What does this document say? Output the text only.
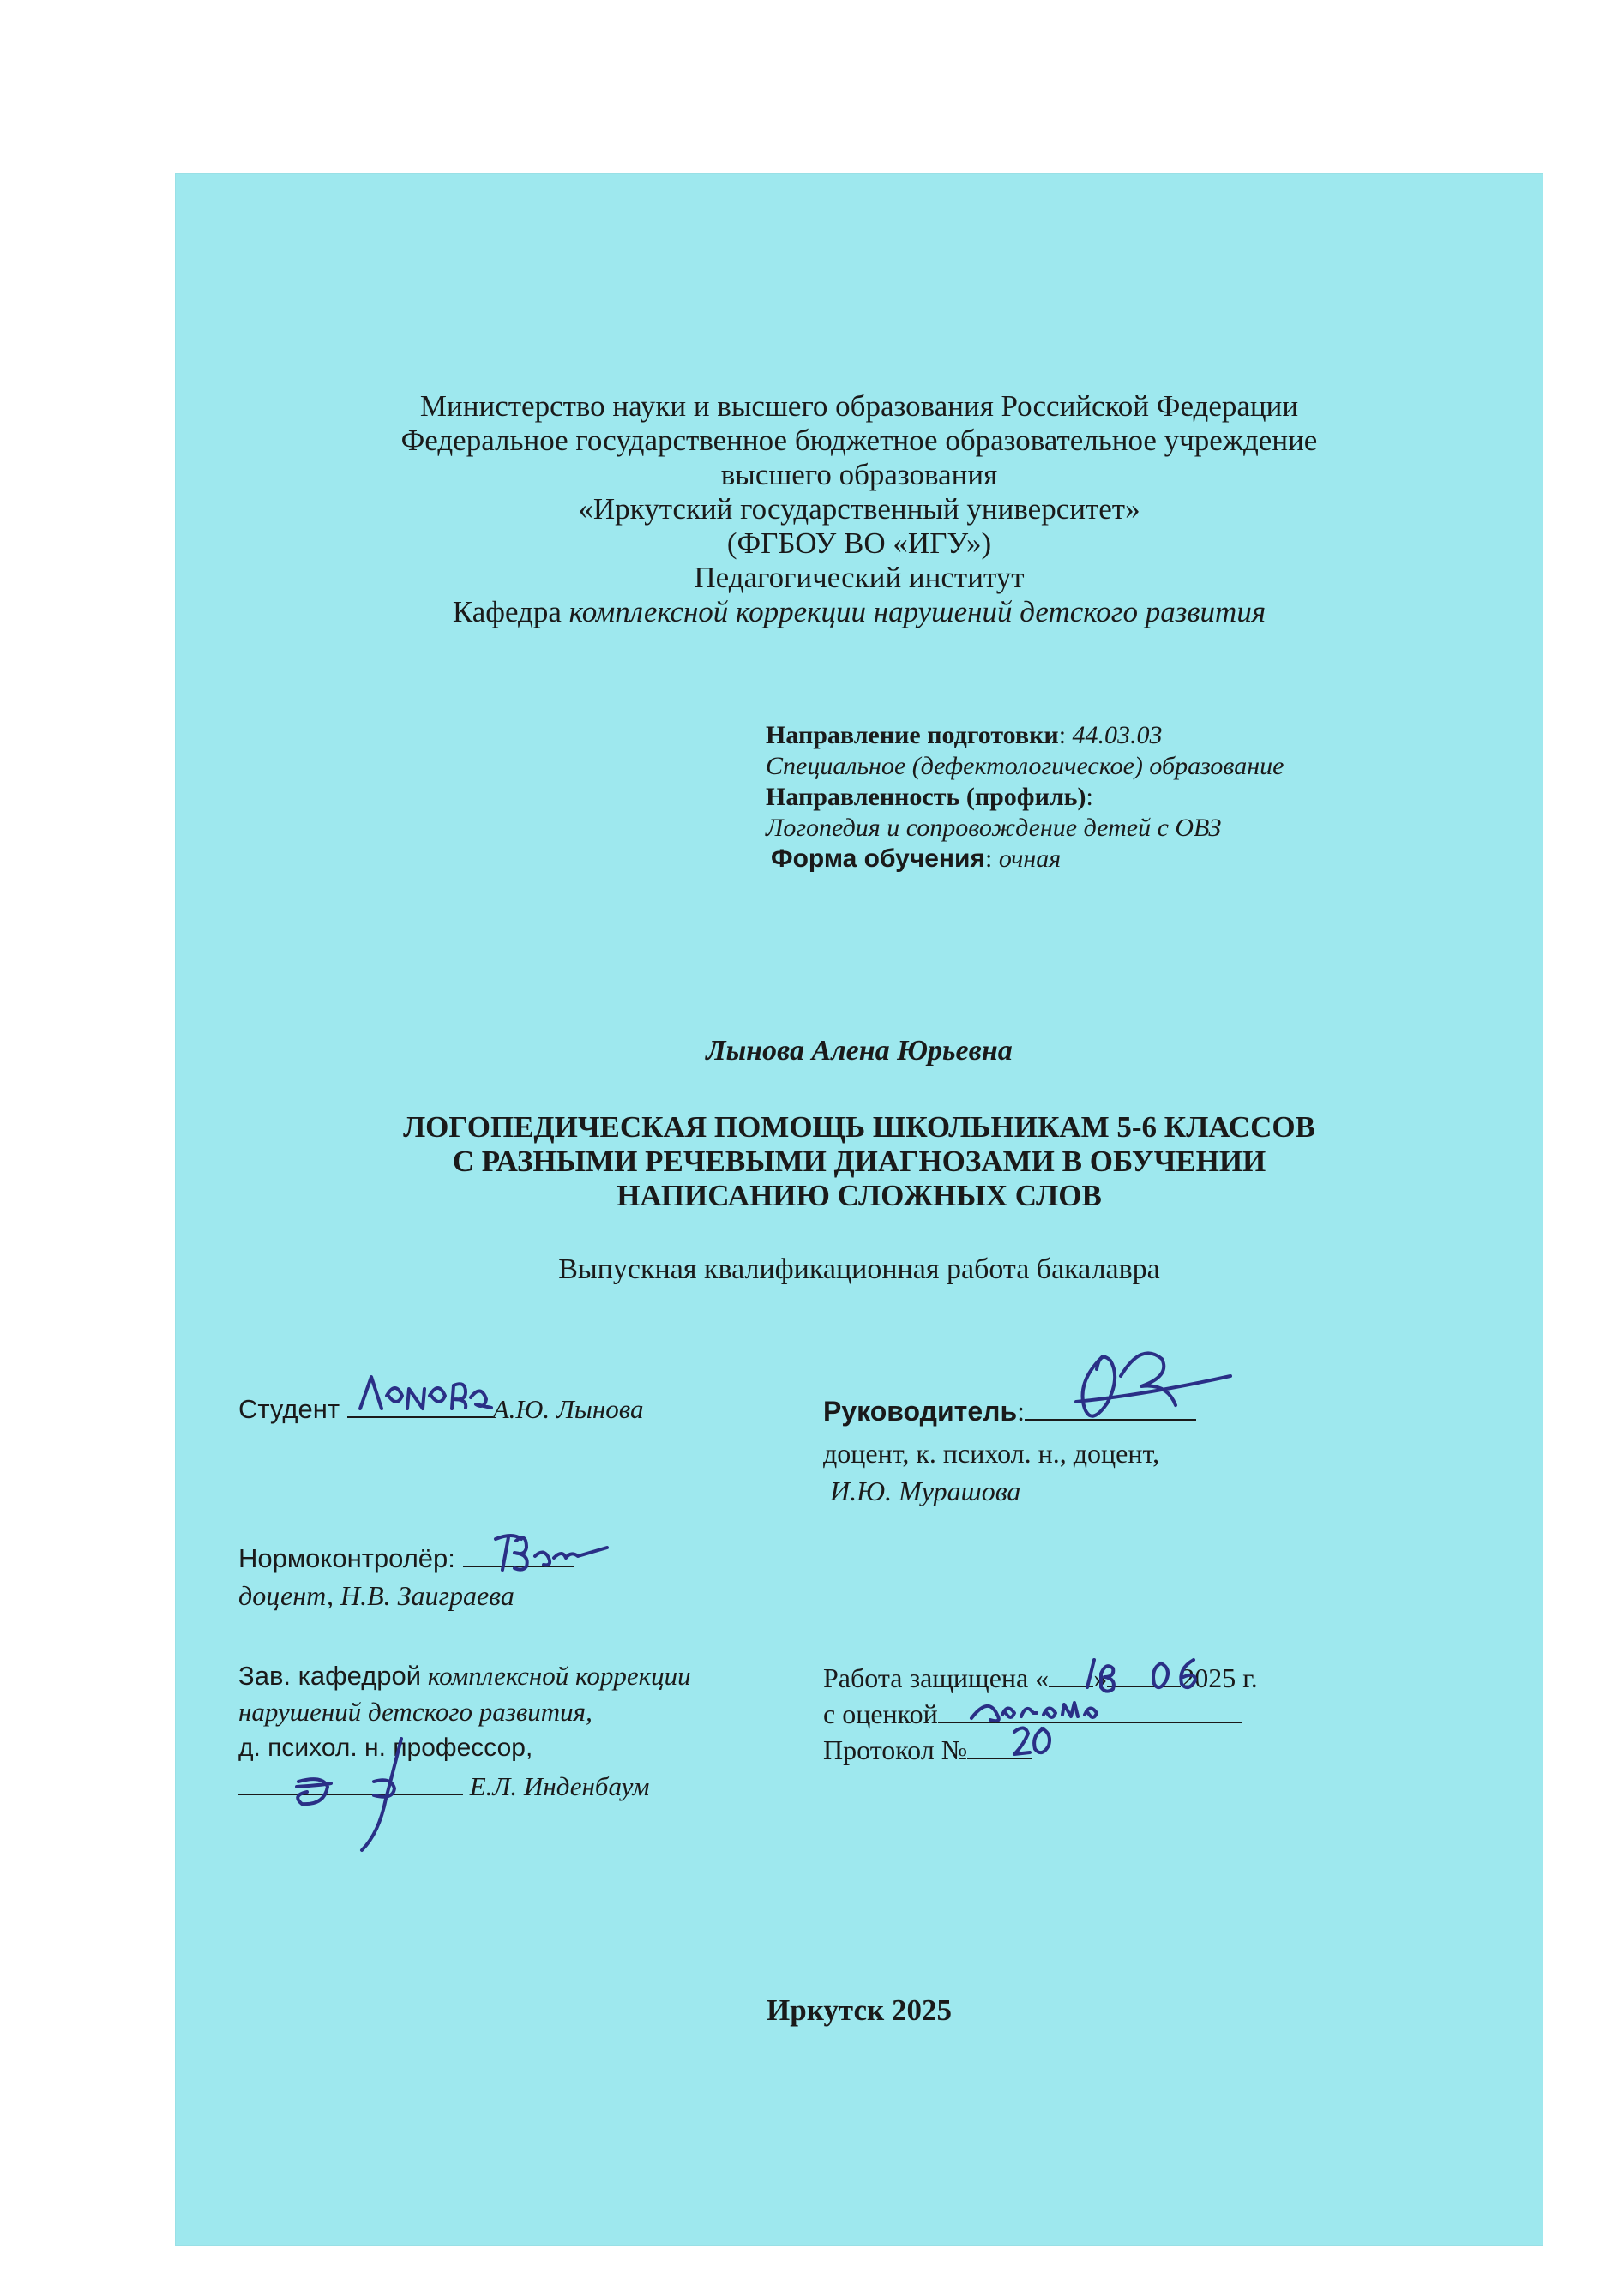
Министерство науки и высшего образования Российской Федерации
Федеральное государственное бюджетное образовательное учреждение
высшего образования
«Иркутский государственный университет»
(ФГБОУ ВО «ИГУ»)
Педагогический институт
Кафедра комплексной коррекции нарушений детского развития
Направление подготовки: 44.03.03
Специальное (дефектологическое) образование
Направленность (профиль):
Логопедия и сопровождение детей с ОВЗ
Форма обучения: очная
Лынова Алена Юрьевна
ЛОГОПЕДИЧЕСКАЯ ПОМОЩЬ ШКОЛЬНИКАМ 5-6 КЛАССОВ
С РАЗНЫМИ РЕЧЕВЫМИ ДИАГНОЗАМИ В ОБУЧЕНИИ
НАПИСАНИЮ СЛОЖНЫХ СЛОВ
Выпускная квалификационная работа бакалавра
Студент	А.Ю. Лынова	Руководитель:
доцент, к. психол. н., доцент,
И.Ю. Мурашова
Нормоконтролёр:
доцент, Н.В. Заиграева
Зав. кафедрой комплексной коррекции
нарушений детского развития,
д. психол. н. профессор,
Е.Л. Инденбаум
Работа защищена « »	2025 г.
с оценкой
Протокол №
Иркутск 2025
